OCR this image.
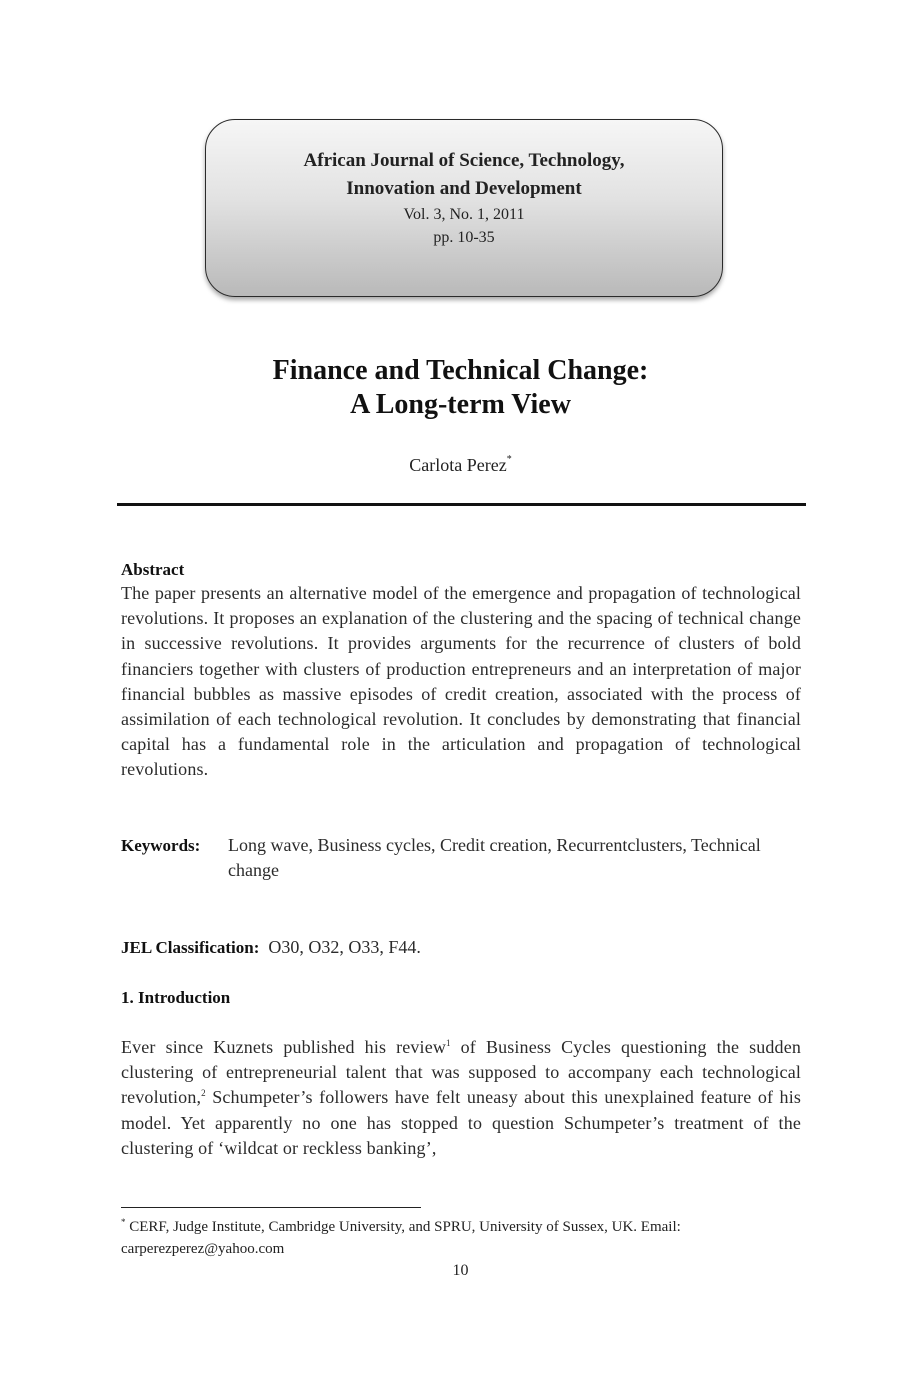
African Journal of Science, Technology,
Innovation and Development
Vol. 3, No. 1, 2011
pp. 10-35
Finance and Technical Change:
A Long-term View
Carlota Perez*
Abstract
The paper presents an alternative model of the emergence and propagation of technological revolutions. It proposes an explanation of the clustering and the spacing of technical change in successive revolutions. It provides arguments for the recurrence of clusters of bold financiers together with clusters of production entrepreneurs and an interpretation of major financial bubbles as massive episodes of credit creation, associated with the process of assimilation of each technological revolution. It concludes by demonstrating that financial capital has a fundamental role in the articulation and propagation of technological revolutions.
Keywords: Long wave, Business cycles, Credit creation, Recurrentclusters, Technical change
JEL Classification: O30, O32, O33, F44.
1. Introduction
Ever since Kuznets published his review$^1$ of Business Cycles questioning the sudden clustering of entrepreneurial talent that was supposed to accompany each technological revolution,$^2$ Schumpeter’s followers have felt uneasy about this unexplained feature of his model. Yet apparently no one has stopped to question Schumpeter’s treatment of the clustering of ‘wildcat or reckless banking’,
* CERF, Judge Institute, Cambridge University, and SPRU, University of Sussex, UK. Email: carperezperez@yahoo.com
10
